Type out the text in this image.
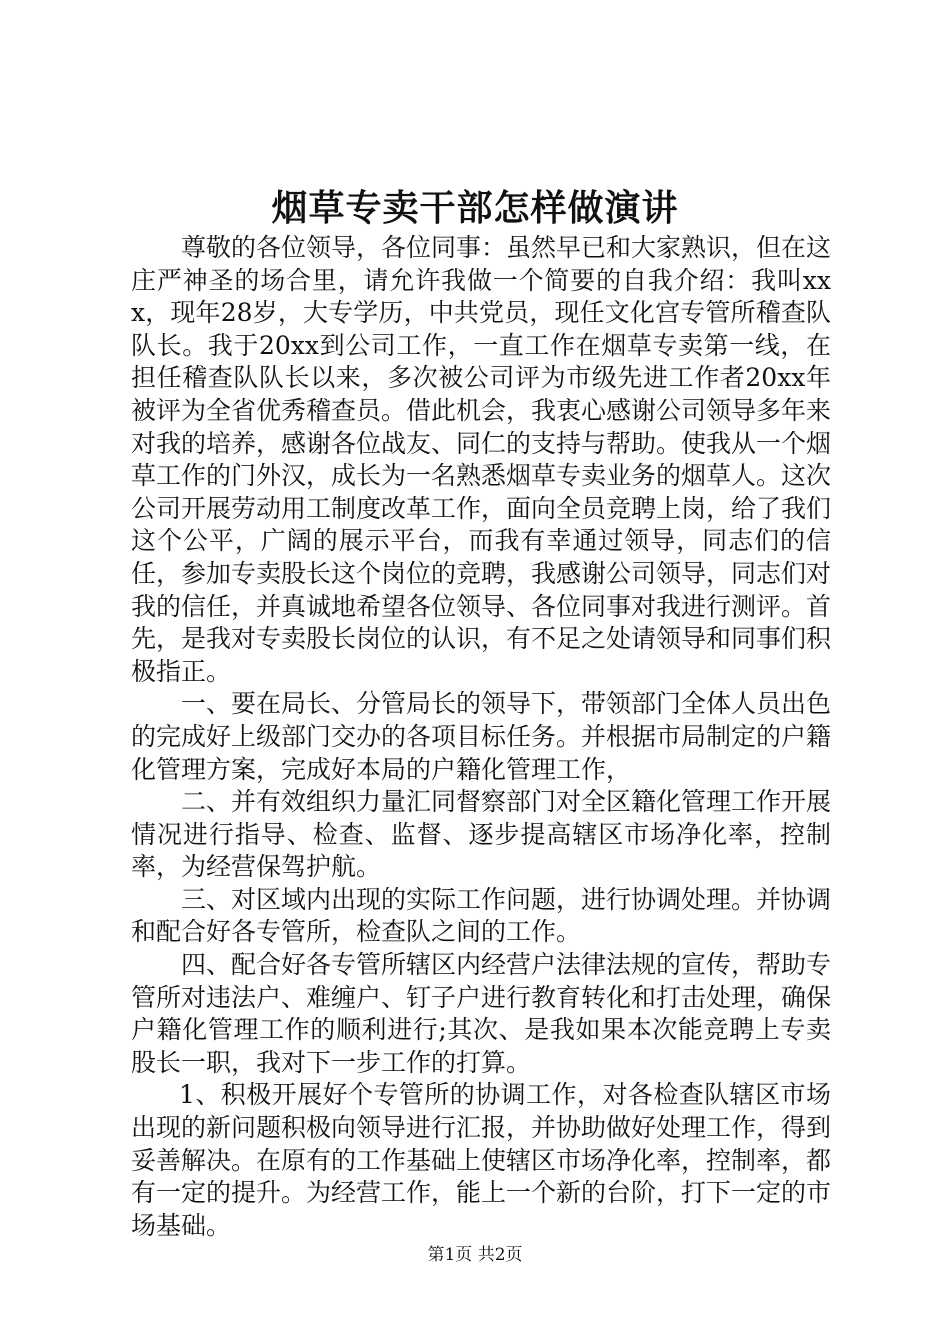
烟草专卖干部怎样做演讲

尊敬的各位领导，各位同事：虽然早已和大家熟识，但在这庄严神圣的场合里，请允许我做一个简要的自我介绍：我叫xxx，现年28岁，大专学历，中共党员，现任文化宫专管所稽查队队长。我于20xx到公司工作，一直工作在烟草专卖第一线，在担任稽查队队长以来，多次被公司评为市级先进工作者20xx年被评为全省优秀稽查员。借此机会，我衷心感谢公司领导多年来对我的培养，感谢各位战友、同仁的支持与帮助。使我从一个烟草工作的门外汉，成长为一名熟悉烟草专卖业务的烟草人。这次公司开展劳动用工制度改革工作，面向全员竞聘上岗，给了我们这个公平，广阔的展示平台，而我有幸通过领导，同志们的信任，参加专卖股长这个岗位的竞聘，我感谢公司领导，同志们对我的信任，并真诚地希望各位领导、各位同事对我进行测评。首先，是我对专卖股长岗位的认识，有不足之处请领导和同事们积极指正。

一、要在局长、分管局长的领导下，带领部门全体人员出色的完成好上级部门交办的各项目标任务。并根据市局制定的户籍化管理方案，完成好本局的户籍化管理工作，

二、并有效组织力量汇同督察部门对全区籍化管理工作开展情况进行指导、检查、监督、逐步提高辖区市场净化率，控制率，为经营保驾护航。

三、对区域内出现的实际工作问题，进行协调处理。并协调和配合好各专管所，检查队之间的工作。

四、配合好各专管所辖区内经营户法律法规的宣传，帮助专管所对违法户、难缠户、钉子户进行教育转化和打击处理，确保户籍化管理工作的顺利进行;其次、是我如果本次能竞聘上专卖股长一职，我对下一步工作的打算。

1、积极开展好个专管所的协调工作，对各检查队辖区市场出现的新问题积极向领导进行汇报，并协助做好处理工作，得到妥善解决。在原有的工作基础上使辖区市场净化率，控制率，都有一定的提升。为经营工作，能上一个新的台阶，打下一定的市场基础。

第1页 共2页
